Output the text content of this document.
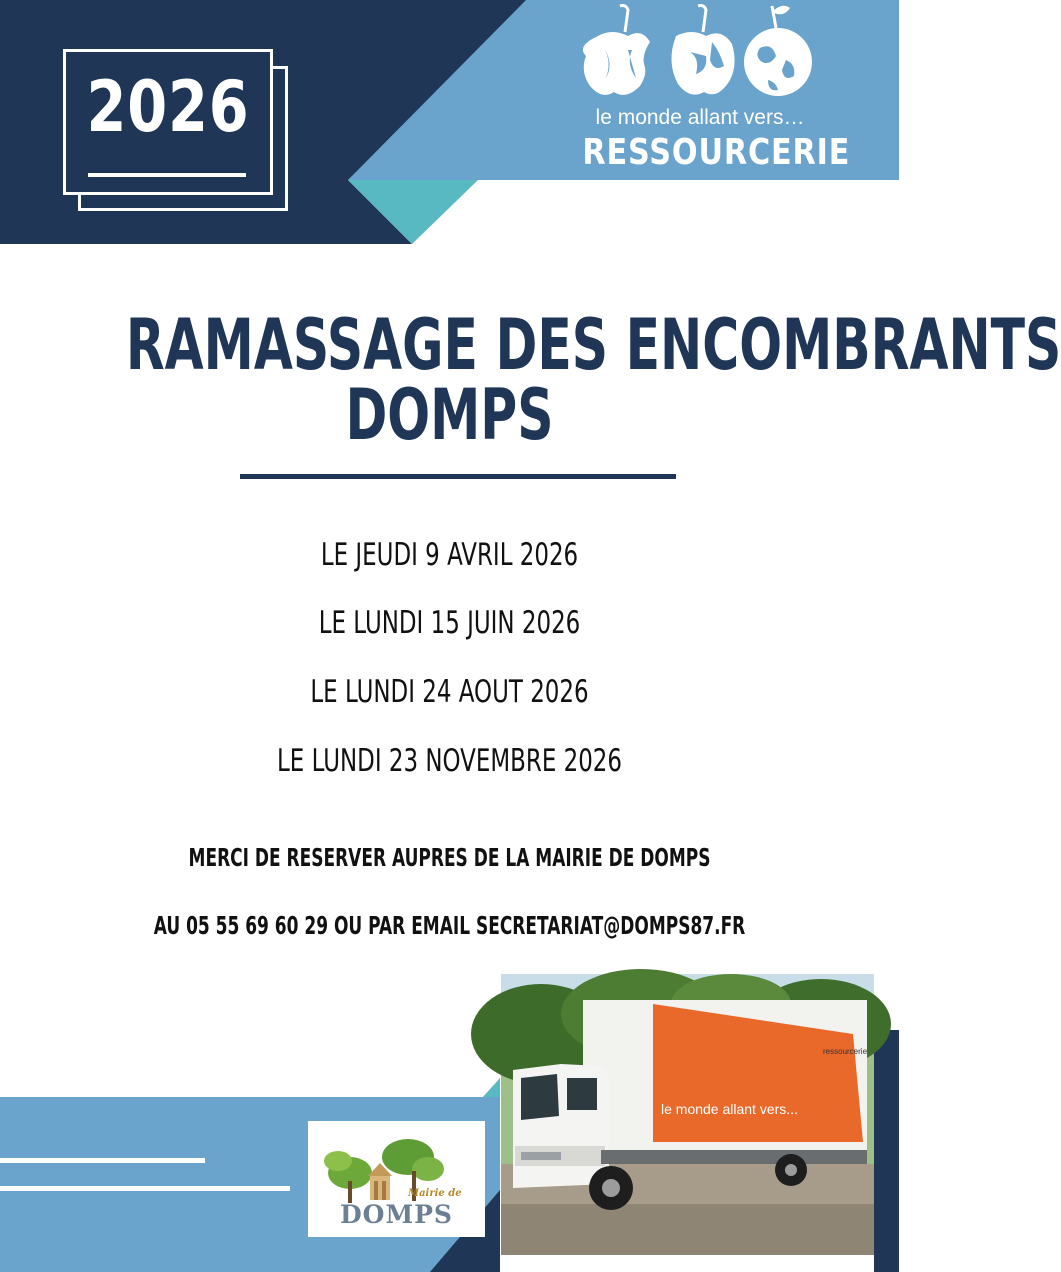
2026	le monde allant vers…
RESSOURCERIE
RAMASSAGE DES ENCOMBRANTS
DOMPS
LE JEUDI 9 AVRIL 2026
LE LUNDI 15 JUIN 2026
LE LUNDI 24 AOUT 2026
LE LUNDI 23 NOVEMBRE 2026
MERCI DE RESERVER AUPRES DE LA MAIRIE DE DOMPS
AU 05 55 69 60 29 OU PAR EMAIL SECRETARIAT@DOMPS87.FR
Mairie de
DOMPS
le monde allant vers...
ressourcerie
